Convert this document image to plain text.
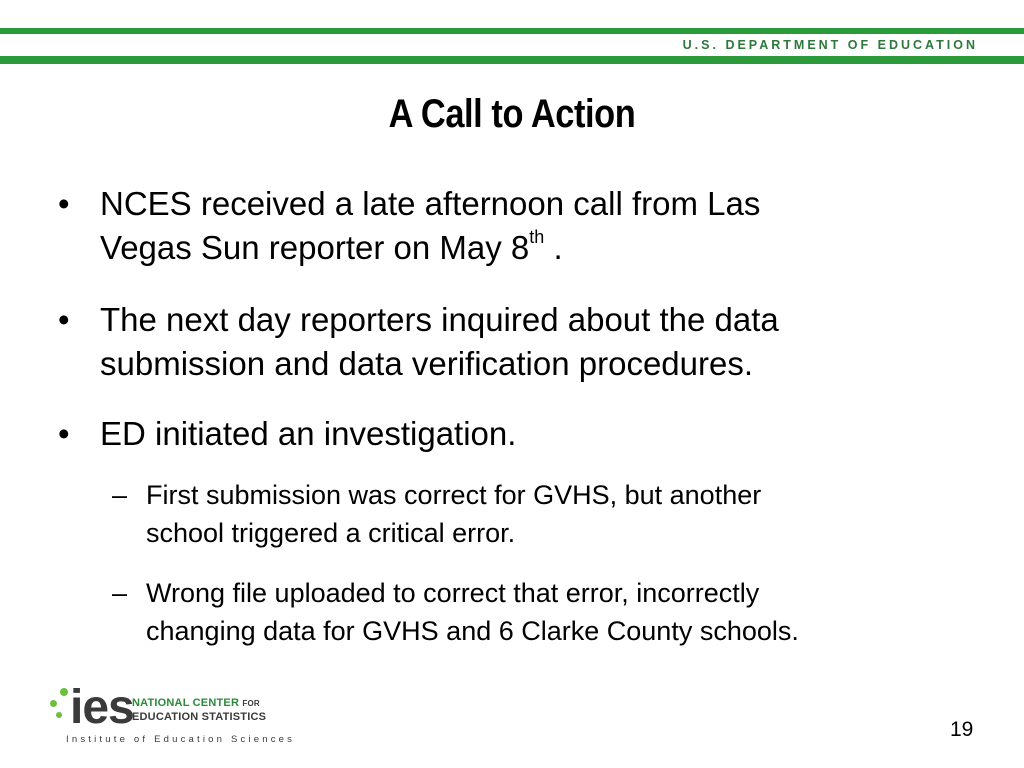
U.S. DEPARTMENT OF EDUCATION
A Call to Action
• NCES received a late afternoon call from Las
Vegas Sun reporter on May 8th .
• The next day reporters inquired about the data
submission and data verification procedures.
• ED initiated an investigation.
– First submission was correct for GVHS, but another
school triggered a critical error.
– Wrong file uploaded to correct that error, incorrectly
changing data for GVHS and 6 Clarke County schools.
ies
NATIONAL CENTER FOR
EDUCATION STATISTICS
Institute of Education Sciences	19
